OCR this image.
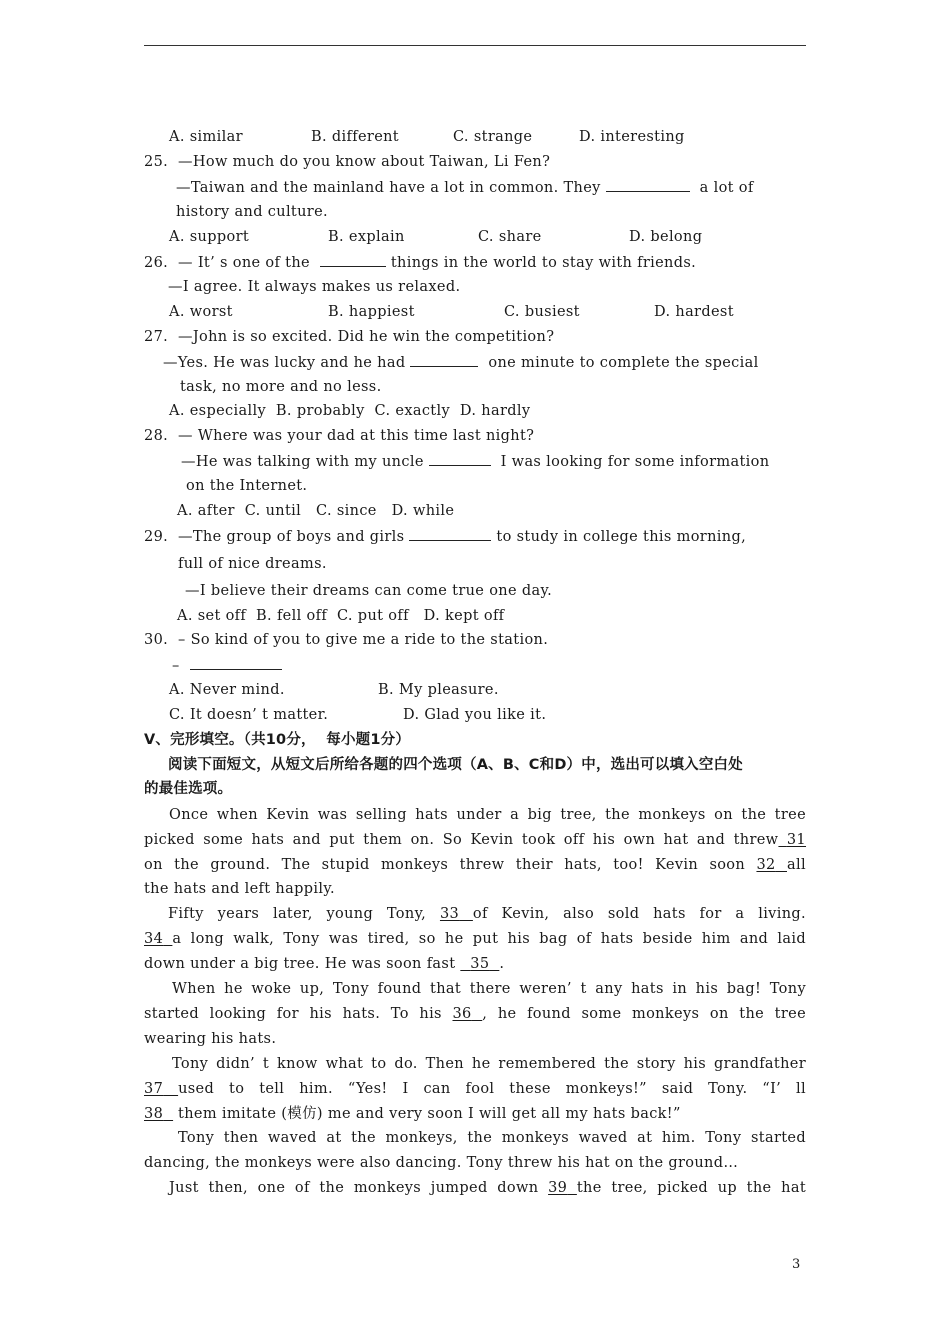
A. similar

	B. different

	C. strange

	D. interesting

25.  —How much do you know about Taiwan, Li Fen?
—Taiwan and the mainland have a lot in common. They	a lot of
history and culture.

A. support

	B. explain

	C. share

	D. belong

26.  — It’ s one of the	things in the world to stay with friends.
—I agree. It always makes us relaxed.

A. worst

	B. happiest

	C. busiest

	D. hardest

27.  —John is so excited. Did he win the competition?
—Yes. He was lucky and he had	one minute to complete the special
task, no more and no less.
A. especially  B. probably  C. exactly  D. hardly
28.  — Where was your dad at this time last night?
—He was talking with my uncle	I was looking for some information
on the Internet.
A. after  C. until   C. since   D. while
29.  —The group of boys and girls	to study in college this morning,
full of nice dreams.
—I believe their dreams can come true one day.
A. set off  B. fell off  C. put off   D. kept off
30.  – So kind of you to give me a ride to the station.
–

A. Never mind.

	B. My pleasure.

C. It doesn’ t matter.

	D. Glad you like it.

V、完形填空。（共10分，  每小题1分）
阅读下面短文，从短文后所给各题的四个选项（A、B、C和D）中，选出可以填入空白处
的最佳选项。
Once when Kevin was selling hats under a big tree, the monkeys on the tree
picked some hats and put them on. So Kevin took off his own hat and threw 31
on the ground. The stupid monkeys threw their hats, too! Kevin soon 32 all
the hats and left happily.
Fifty years later, young Tony, 33 of Kevin, also sold hats for a living.
34 a long walk, Tony was tired, so he put his bag of hats beside him and laid
down under a big tree. He was soon fast 35 .
When he woke up, Tony found that there weren’ t any hats in his bag! Tony
started looking for his hats. To his 36 , he found some monkeys on the tree
wearing his hats.
Tony didn’ t know what to do. Then he remembered the story his grandfather
37 used to tell him. “Yes! I can fool these monkeys!” said Tony. “I’ ll
38 them imitate (模仿) me and very soon I will get all my hats back!”
Tony then waved at the monkeys, the monkeys waved at him. Tony started
dancing, the monkeys were also dancing. Tony threw his hat on the ground…
Just then, one of the monkeys jumped down 39 the tree, picked up the hat
3
